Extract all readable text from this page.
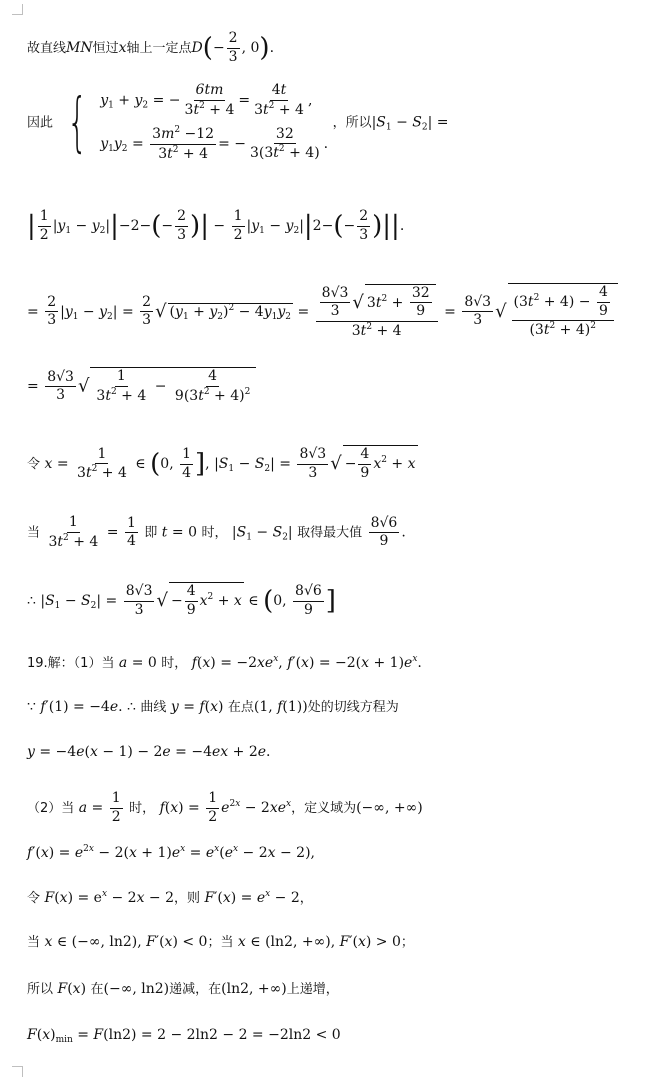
故直线MN恒过x轴上一定点$D(- \frac{2}{3}$ , 0).
因此 { $y_1 + y_2$ = − $\frac{6tm}{3t^2 + 4} = \frac{4t}{3t^2 + 4}$ ,
$y_1y_2 = \frac{3m^2 -12}{3t^2 + 4}$ = − $\frac{32}{3(3t^2 + 4)}$ .
，所以$|S_1 - S_2|$ =
| $\frac{1}{2} |y_1 - y_2||-2-(- \frac{2}{3}$ )| − $\frac{1}{2} |y_1 - y_2||2-(- \frac{2}{3}$ )||.
= $\frac{2}{3} |y_1 - y_2| = \frac{2}{3}$ √ $(y_1 + y_2)^2 - 4y_1y_2 = \frac{\frac{8√3}{3} √ 3t^2 + \frac{32}{9}}{3t^2 + 4} = \frac{8√3}{3}$ √ $\frac{(3t^2 + 4) - \frac{4}{9}}{(3t^2 + 4)^2}$
= $\frac{8√3}{3}$ √ $\frac{1}{3t^2 + 4} - \frac{4}{9(3t^2 + 4)^2}$
令 $x = \frac{1}{3t^2 + 4}$ ∈ (0, $\frac{1}{4}$ ], $|S_1 - S_2| = \frac{8√3}{3}$ √ − $\frac{4}{9} x^2 + x$
当 $\frac{1}{3t^2 + 4} = \frac{1}{4}$ 即 t = 0 时， $|S_1 - S_2|$ 取得最大值 $\frac{8√6}{9}$ .
∴ $|S_1 - S_2| = \frac{8√3}{3}$ √ − $\frac{4}{9} x^2 + x$ ∈ (0, $\frac{8√6}{9}$ ]
19.解：（1）当 a = 0 时， $f(x) = -2xe^x$, $f'(x) = -2(x + 1)e^x$.
∵ f′(1) = −4e. ∴ 曲线 y = f(x) 在点(1, f(1))处的切线方程为
y = −4e(x − 1) − 2e = −4ex + 2e.
（2）当 $a = \frac{1}{2}$ 时， $f(x) = \frac{1}{2} e^{2x} - 2xe^x$，定义域为(−∞, +∞)
$f'(x) = e^{2x} - 2(x + 1)e^x = e^x(e^x - 2x - 2)$,
令 $F(x) = e^x - 2x - 2$，则 $F'(x) = e^x - 2$，
当 x ∈ (−∞, ln2), F′(x) < 0；当 x ∈ (ln2, +∞), F′(x) > 0；
所以 F(x) 在(−∞, ln2)递减，在(ln2, +∞)上递增，
$F(x)_{min} = F(\ln 2) = 2 - 2\ln 2 - 2 = -2\ln 2 < 0$
